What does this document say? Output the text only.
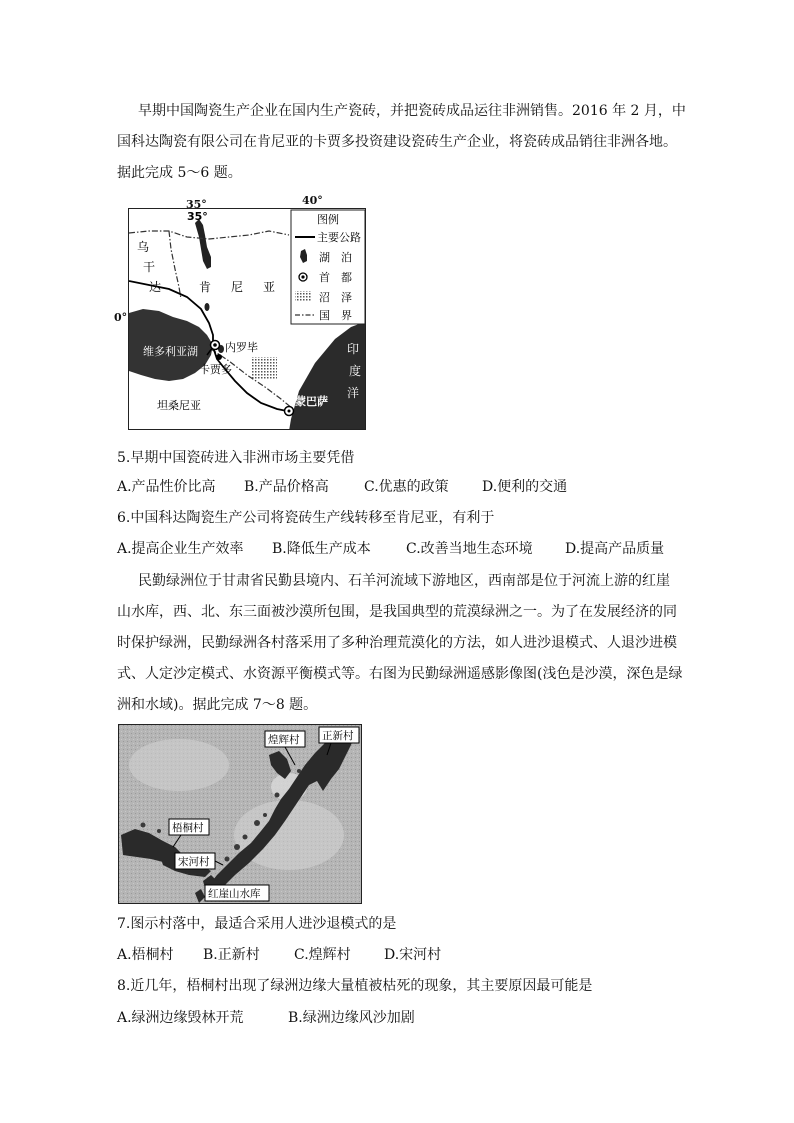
早期中国陶瓷生产企业在国内生产瓷砖，并把瓷砖成品运往非洲销售。2016 年 2 月，中
国科达陶瓷有限公司在肯尼亚的卡贾多投资建设瓷砖生产企业，将瓷砖成品销往非洲各地。
据此完成 5～6 题。
35°
乌
干
达	肯 尼 亚
维多利亚湖 内罗毕
卡贾多
坦桑尼亚	蒙巴萨
印
度
洋
图例
主要公路
湖　泊
首　都
沼　泽
国　界
35°	40°
0°
5.早期中国瓷砖进入非洲市场主要凭借
A.产品性价比高 B.产品价格高	C.优惠的政策 D.便利的交通
6.中国科达陶瓷生产公司将瓷砖生产线转移至肯尼亚，有利于
A.提高企业生产效率 B.降低生产成本	C.改善当地生态环境 D.提高产品质量
民勤绿洲位于甘肃省民勤县境内、石羊河流域下游地区，西南部是位于河流上游的红崖
山水库，西、北、东三面被沙漠所包围，是我国典型的荒漠绿洲之一。为了在发展经济的同
时保护绿洲，民勤绿洲各村落采用了多种治理荒漠化的方法，如人进沙退模式、人退沙进模
式、人定沙定模式、水资源平衡模式等。右图为民勤绿洲遥感影像图(浅色是沙漠，深色是绿
洲和水域)。据此完成 7～8 题。
煌辉村 正新村
梧桐村
宋河村
红崖山水库
7.图示村落中，最适合采用人进沙退模式的是
A.梧桐村 B.正新村 C.煌辉村 D.宋河村
8.近几年，梧桐村出现了绿洲边缘大量植被枯死的现象，其主要原因最可能是
A.绿洲边缘毁林开荒	B.绿洲边缘风沙加剧
